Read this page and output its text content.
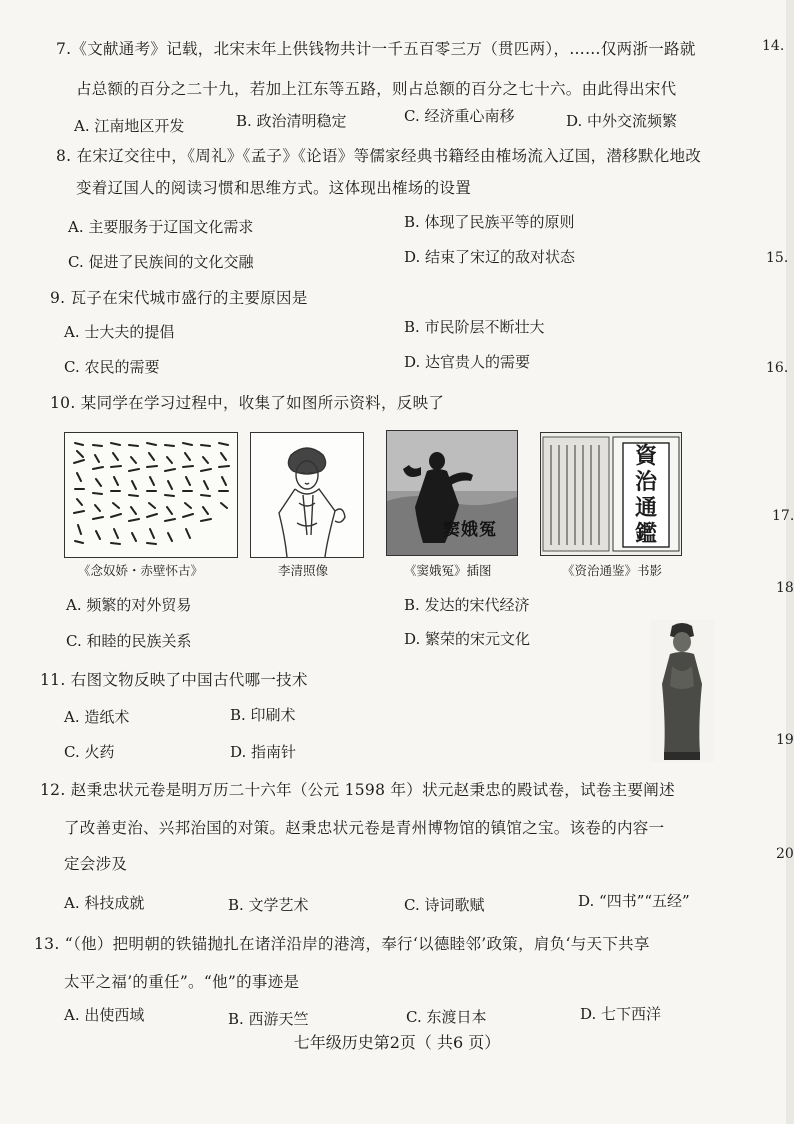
7.《文献通考》记载，北宋末年上供钱物共计一千五百零三万（贯匹两），……仅两浙一路就
占总额的百分之二十九，若加上江东等五路，则占总额的百分之七十六。由此得出宋代
A. 江南地区开发	B. 政治清明稳定	C. 经济重心南移	D. 中外交流频繁
8. 在宋辽交往中，《周礼》《孟子》《论语》等儒家经典书籍经由榷场流入辽国，潜移默化地改
变着辽国人的阅读习惯和思维方式。这体现出榷场的设置
A. 主要服务于辽国文化需求	B. 体现了民族平等的原则
C. 促进了民族间的文化交融	D. 结束了宋辽的敌对状态
9. 瓦子在宋代城市盛行的主要原因是
A. 士大夫的提倡	B. 市民阶层不断壮大
C. 农民的需要	D. 达官贵人的需要
10. 某同学在学习过程中，收集了如图所示资料，反映了
《念奴娇・赤壁怀古》	李清照像
窦娥冤
《窦娥冤》插图
資
治
通
鑑
《资治通鉴》书影
A. 频繁的对外贸易	B. 发达的宋代经济
C. 和睦的民族关系	D. 繁荣的宋元文化
11. 右图文物反映了中国古代哪一技术
A. 造纸术	B. 印刷术
C. 火药	D. 指南针
12. 赵秉忠状元卷是明万历二十六年（公元 1598 年）状元赵秉忠的殿试卷，试卷主要阐述
了改善吏治、兴邦治国的对策。赵秉忠状元卷是青州博物馆的镇馆之宝。该卷的内容一
定会涉及
A. 科技成就	B. 文学艺术	C. 诗词歌赋	D. “四书”“五经”
13. “（他）把明朝的铁锚抛扎在诸洋沿岸的港湾，奉行‘以德睦邻’政策，肩负‘与天下共享
太平之福’的重任”。“他”的事迹是
A. 出使西域	B. 西游天竺	C. 东渡日本	D. 七下西洋
14.
15.
16.
17.
18
19
20
七年级历史第2页（ 共6 页）
